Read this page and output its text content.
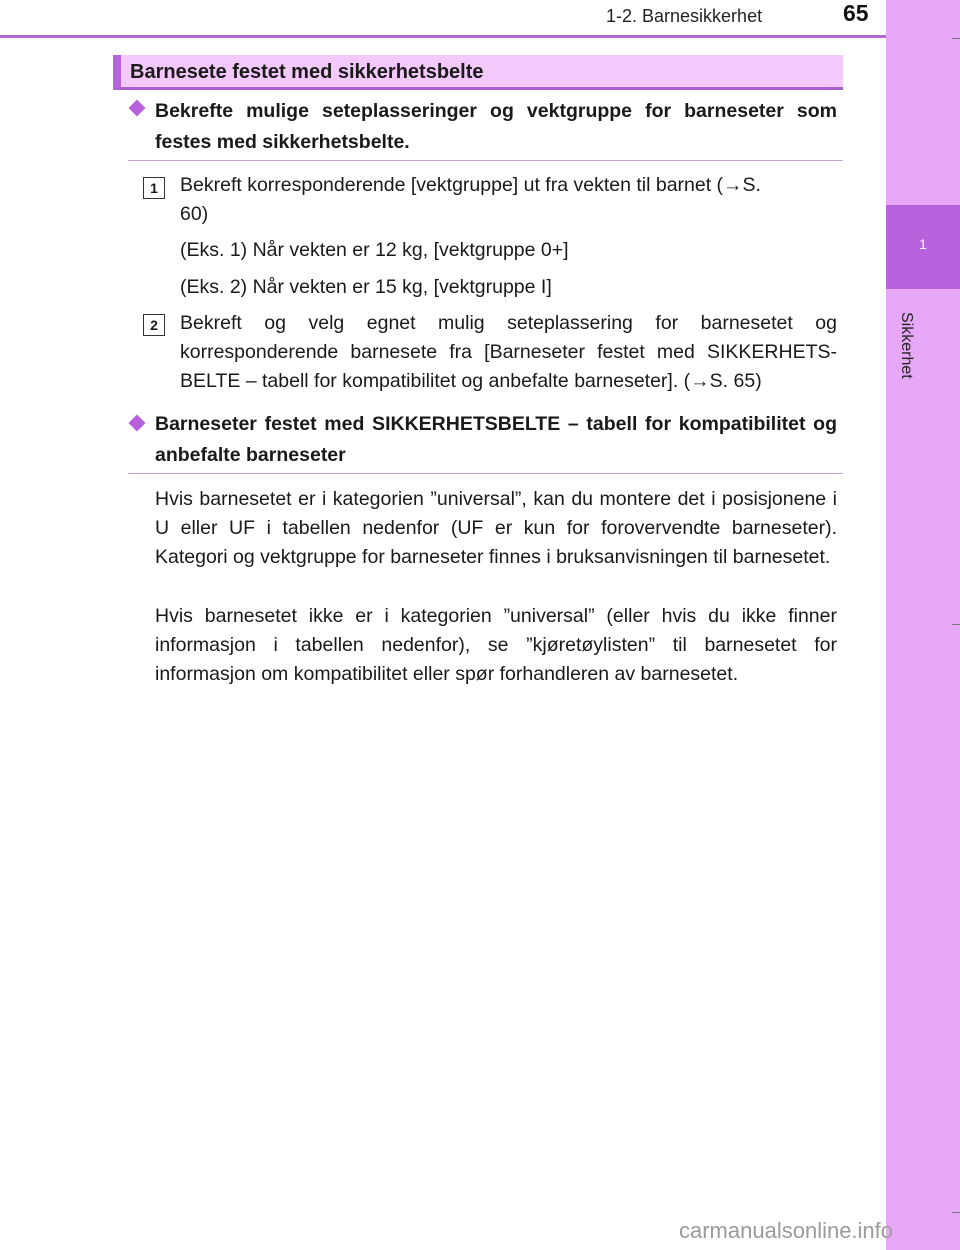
1-2. Barnesikkerhet	65
1
Sikkerhet
Barnesete festet med sikkerhetsbelte
Bekrefte mulige seteplasseringer og vektgruppe for barneseter som festes med sikkerhetsbelte.
1	Bekreft korresponderende [vektgruppe] ut fra vekten til barnet (→S. 60)
(Eks. 1) Når vekten er 12 kg, [vektgruppe 0+]
(Eks. 2) Når vekten er 15 kg, [vektgruppe I]
2	Bekreft og velg egnet mulig seteplassering for barnesetet og korresponderende barnesete fra [Barneseter festet med SIKKERHETS-BELTE – tabell for kompatibilitet og anbefalte barneseter]. (→S. 65)
Barneseter festet med SIKKERHETSBELTE – tabell for kompatibilitet og anbefalte barneseter
Hvis barnesetet er i kategorien ”universal”, kan du montere det i posisjonene i U eller UF i tabellen nedenfor (UF er kun for forovervendte barneseter). Kategori og vektgruppe for barneseter finnes i bruksanvisningen til barnesetet.
Hvis barnesetet ikke er i kategorien ”universal” (eller hvis du ikke finner informasjon i tabellen nedenfor), se ”kjøretøylisten” til barnesetet for informasjon om kompatibilitet eller spør forhandleren av barnesetet.
carmanualsonline.info
